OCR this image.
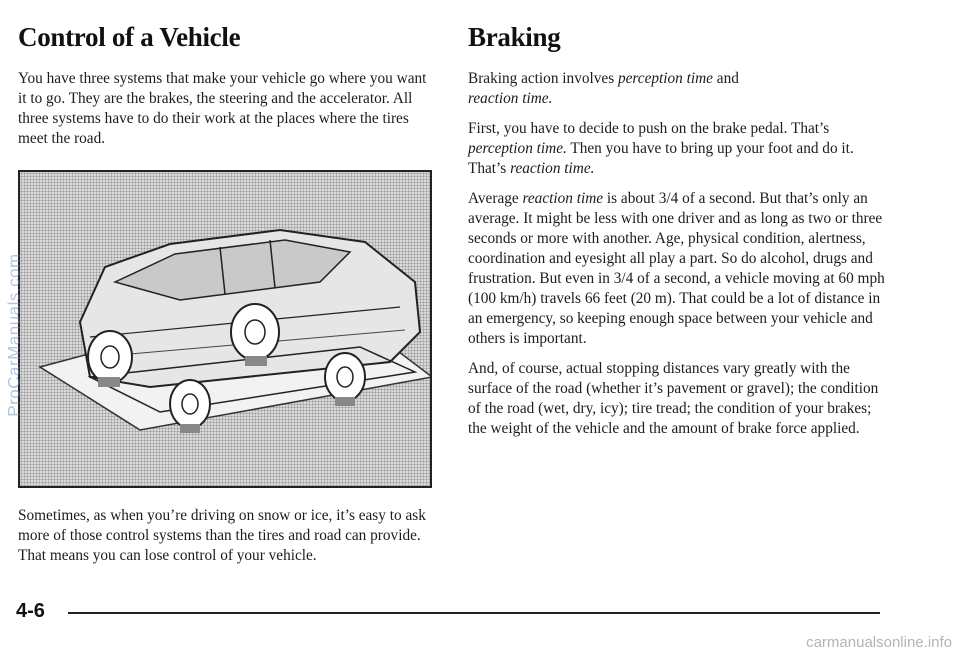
Control of a Vehicle

You have three systems that make your vehicle go where you want it to go. They are the brakes, the steering and the accelerator. All three systems have to do their work at the places where the tires meet the road.

ProCarManuals.com

Sometimes, as when you’re driving on snow or ice, it’s easy to ask more of those control systems than the tires and road can provide. That means you can lose control of your vehicle.

Braking

Braking action involves perception time and
reaction time.

First, you have to decide to push on the brake pedal. That’s perception time. Then you have to bring up your foot and do it. That’s reaction time.

Average reaction time is about 3/4 of a second. But that’s only an average. It might be less with one driver and as long as two or three seconds or more with another. Age, physical condition, alertness, coordination and eyesight all play a part. So do alcohol, drugs and frustration. But even in 3/4 of a second, a vehicle moving at 60 mph (100 km/h) travels 66 feet (20 m). That could be a lot of distance in an emergency, so keeping enough space between your vehicle and others is important.

And, of course, actual stopping distances vary greatly with the surface of the road (whether it’s pavement or gravel); the condition of the road (wet, dry, icy); tire tread; the condition of your brakes; the weight of the vehicle and the amount of brake force applied.

4-6
carmanualsonline.info
